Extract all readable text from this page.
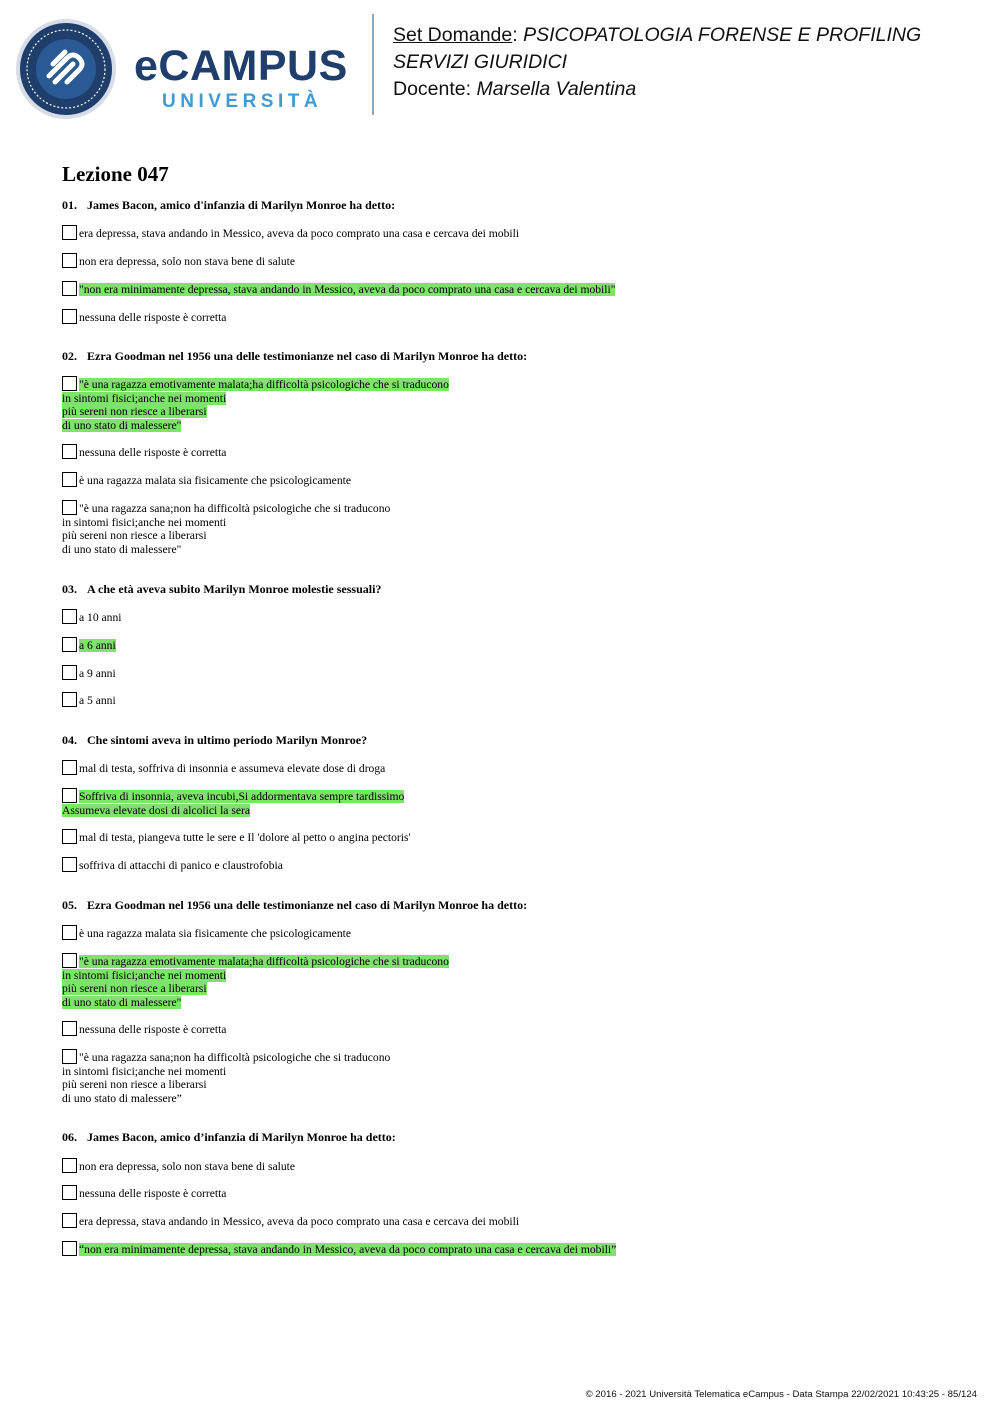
eCAMPUS
UNIVERSITÀ
Set Domande: PSICOPATOLOGIA FORENSE E PROFILING
SERVIZI GIURIDICI
Docente: Marsella Valentina
Lezione 047
01. James Bacon, amico d'infanzia di Marilyn Monroe ha detto:
era depressa, stava andando in Messico, aveva da poco comprato una casa e cercava dei mobili
non era depressa, solo non stava bene di salute
"non era minimamente depressa, stava andando in Messico, aveva da poco comprato una casa e cercava dei mobili"
nessuna delle risposte è corretta
02. Ezra Goodman nel 1956 una delle testimonianze nel caso di Marilyn Monroe ha detto:
"è una ragazza emotivamente malata;ha difficoltà psicologiche che si traducono
in sintomi fisici;anche nei momenti
più sereni non riesce a liberarsi
di uno stato di malessere"
nessuna delle risposte è corretta
è una ragazza malata sia fisicamente che psicologicamente
"è una ragazza sana;non ha difficoltà psicologiche che si traducono
in sintomi fisici;anche nei momenti
più sereni non riesce a liberarsi
di uno stato di malessere"
03. A che età aveva subito Marilyn Monroe molestie sessuali?
a 10 anni
a 6 anni
a 9 anni
a 5 anni
04. Che sintomi aveva in ultimo periodo Marilyn Monroe?
mal di testa, soffriva di insonnia e assumeva elevate dose di droga
Soffriva di insonnia, aveva incubi,Si addormentava sempre tardissimo
Assumeva elevate dosi di alcolici la sera
mal di testa, piangeva tutte le sere e Il 'dolore al petto o angina pectoris'
soffriva di attacchi di panico e claustrofobia
05. Ezra Goodman nel 1956 una delle testimonianze nel caso di Marilyn Monroe ha detto:
è una ragazza malata sia fisicamente che psicologicamente
"è una ragazza emotivamente malata;ha difficoltà psicologiche che si traducono
in sintomi fisici;anche nei momenti
più sereni non riesce a liberarsi
di uno stato di malessere"
nessuna delle risposte è corretta
"è una ragazza sana;non ha difficoltà psicologiche che si traducono
in sintomi fisici;anche nei momenti
più sereni non riesce a liberarsi
di uno stato di malessere”
06. James Bacon, amico d’infanzia di Marilyn Monroe ha detto:
non era depressa, solo non stava bene di salute
nessuna delle risposte è corretta
era depressa, stava andando in Messico, aveva da poco comprato una casa e cercava dei mobili
“non era minimamente depressa, stava andando in Messico, aveva da poco comprato una casa e cercava dei mobili”
© 2016 - 2021 Università Telematica eCampus - Data Stampa 22/02/2021 10:43:25 - 85/124
